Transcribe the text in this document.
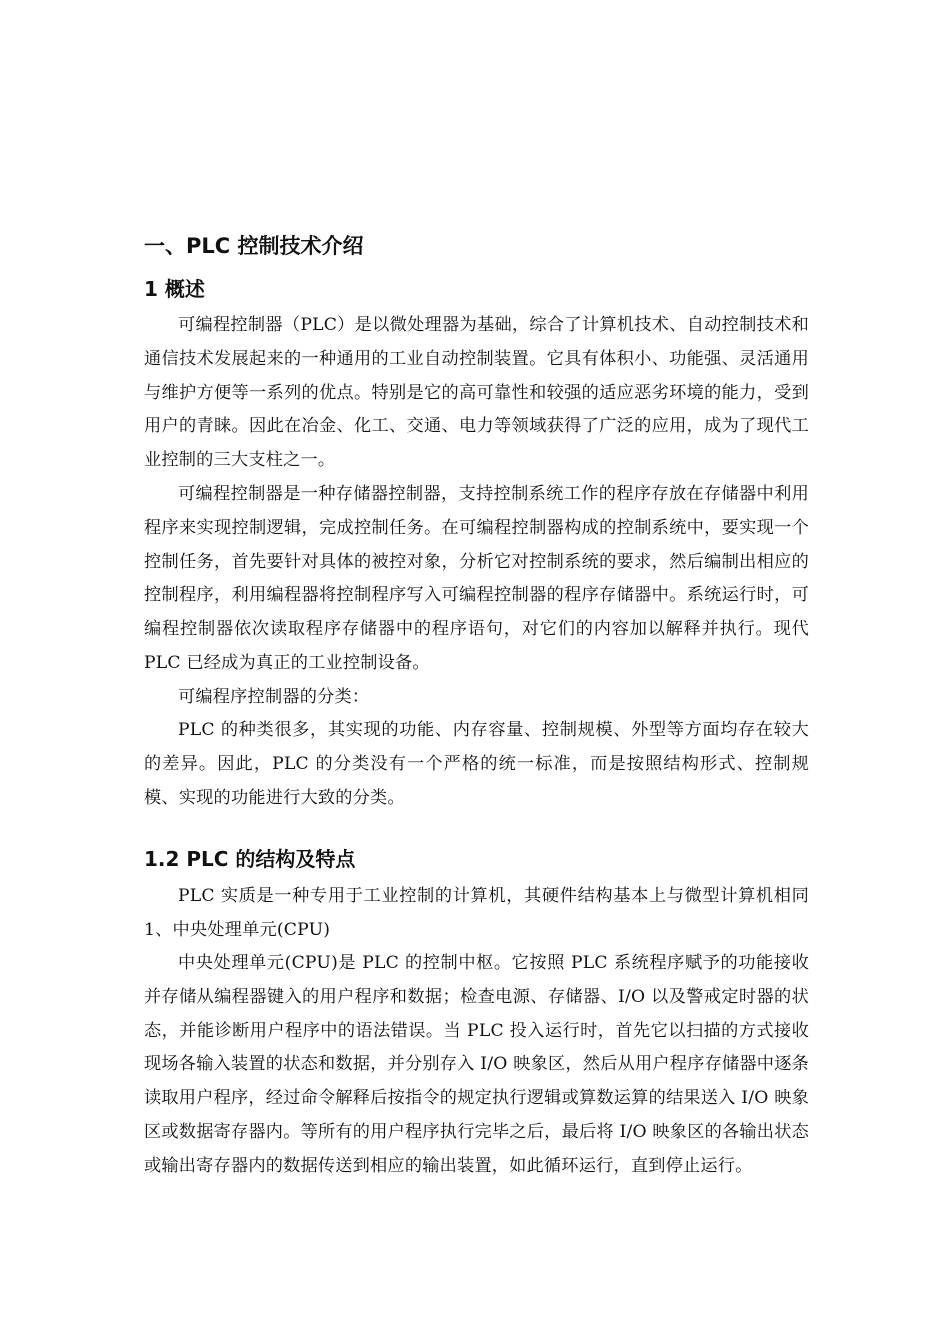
一、PLC 控制技术介绍
1 概述

可编程控制器（PLC）是以微处理器为基础，综合了计算机技术、自动控制技术和通信技术发展起来的一种通用的工业自动控制装置。它具有体积小、功能强、灵活通用与维护方便等一系列的优点。特别是它的高可靠性和较强的适应恶劣环境的能力，受到用户的青睐。因此在冶金、化工、交通、电力等领域获得了广泛的应用，成为了现代工业控制的三大支柱之一。

可编程控制器是一种存储器控制器，支持控制系统工作的程序存放在存储器中利用程序来实现控制逻辑，完成控制任务。在可编程控制器构成的控制系统中，要实现一个控制任务，首先要针对具体的被控对象，分析它对控制系统的要求，然后编制出相应的控制程序，利用编程器将控制程序写入可编程控制器的程序存储器中。系统运行时，可编程控制器依次读取程序存储器中的程序语句，对它们的内容加以解释并执行。现代 PLC 已经成为真正的工业控制设备。

可编程序控制器的分类：

PLC 的种类很多，其实现的功能、内存容量、控制规模、外型等方面均存在较大的差异。因此，PLC 的分类没有一个严格的统一标准，而是按照结构形式、控制规模、实现的功能进行大致的分类。

1.2 PLC 的结构及特点

PLC 实质是一种专用于工业控制的计算机，其硬件结构基本上与微型计算机相同 1、中央处理单元(CPU)

中央处理单元(CPU)是 PLC 的控制中枢。它按照 PLC 系统程序赋予的功能接收并存储从编程器键入的用户程序和数据；检查电源、存储器、I/O 以及警戒定时器的状态，并能诊断用户程序中的语法错误。当 PLC 投入运行时，首先它以扫描的方式接收现场各输入装置的状态和数据，并分别存入 I/O 映象区，然后从用户程序存储器中逐条读取用户程序，经过命令解释后按指令的规定执行逻辑或算数运算的结果送入 I/O 映象区或数据寄存器内。等所有的用户程序执行完毕之后，最后将 I/O 映象区的各输出状态或输出寄存器内的数据传送到相应的输出装置，如此循环运行，直到停止运行。
